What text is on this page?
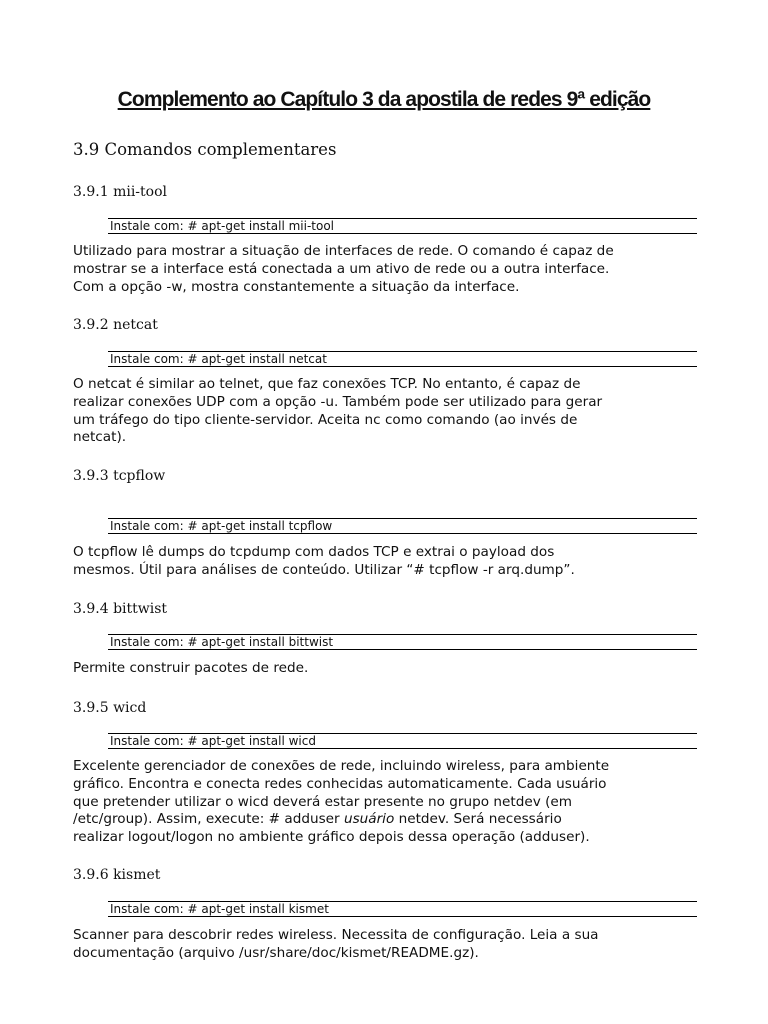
Complemento ao Capítulo 3 da apostila de redes 9ª edição
3.9 Comandos complementares
3.9.1 mii-tool
Instale com: # apt-get install mii-tool

Utilizado para mostrar a situação de interfaces de rede. O comando é capaz de
mostrar se a interface está conectada a um ativo de rede ou a outra interface.
Com a opção -w, mostra constantemente a situação da interface.

3.9.2 netcat
Instale com: # apt-get install netcat

O netcat é similar ao telnet, que faz conexões TCP. No entanto, é capaz de
realizar conexões UDP com a opção -u. Também pode ser utilizado para gerar
um tráfego do tipo cliente-servidor. Aceita nc como comando (ao invés de
netcat).

3.9.3 tcpflow
Instale com: # apt-get install tcpflow

O tcpflow lê dumps do tcpdump com dados TCP e extrai o payload dos
mesmos. Útil para análises de conteúdo. Utilizar “# tcpflow -r arq.dump”.

3.9.4 bittwist
Instale com: # apt-get install bittwist

Permite construir pacotes de rede.

3.9.5 wicd
Instale com: # apt-get install wicd

Excelente gerenciador de conexões de rede, incluindo wireless, para ambiente
gráfico. Encontra e conecta redes conhecidas automaticamente. Cada usuário
que pretender utilizar o wicd deverá estar presente no grupo netdev (em
/etc/group). Assim, execute: # adduser usuário netdev. Será necessário
realizar logout/logon no ambiente gráfico depois dessa operação (adduser).

3.9.6 kismet
Instale com: # apt-get install kismet

Scanner para descobrir redes wireless. Necessita de configuração. Leia a sua
documentação (arquivo /usr/share/doc/kismet/README.gz).
